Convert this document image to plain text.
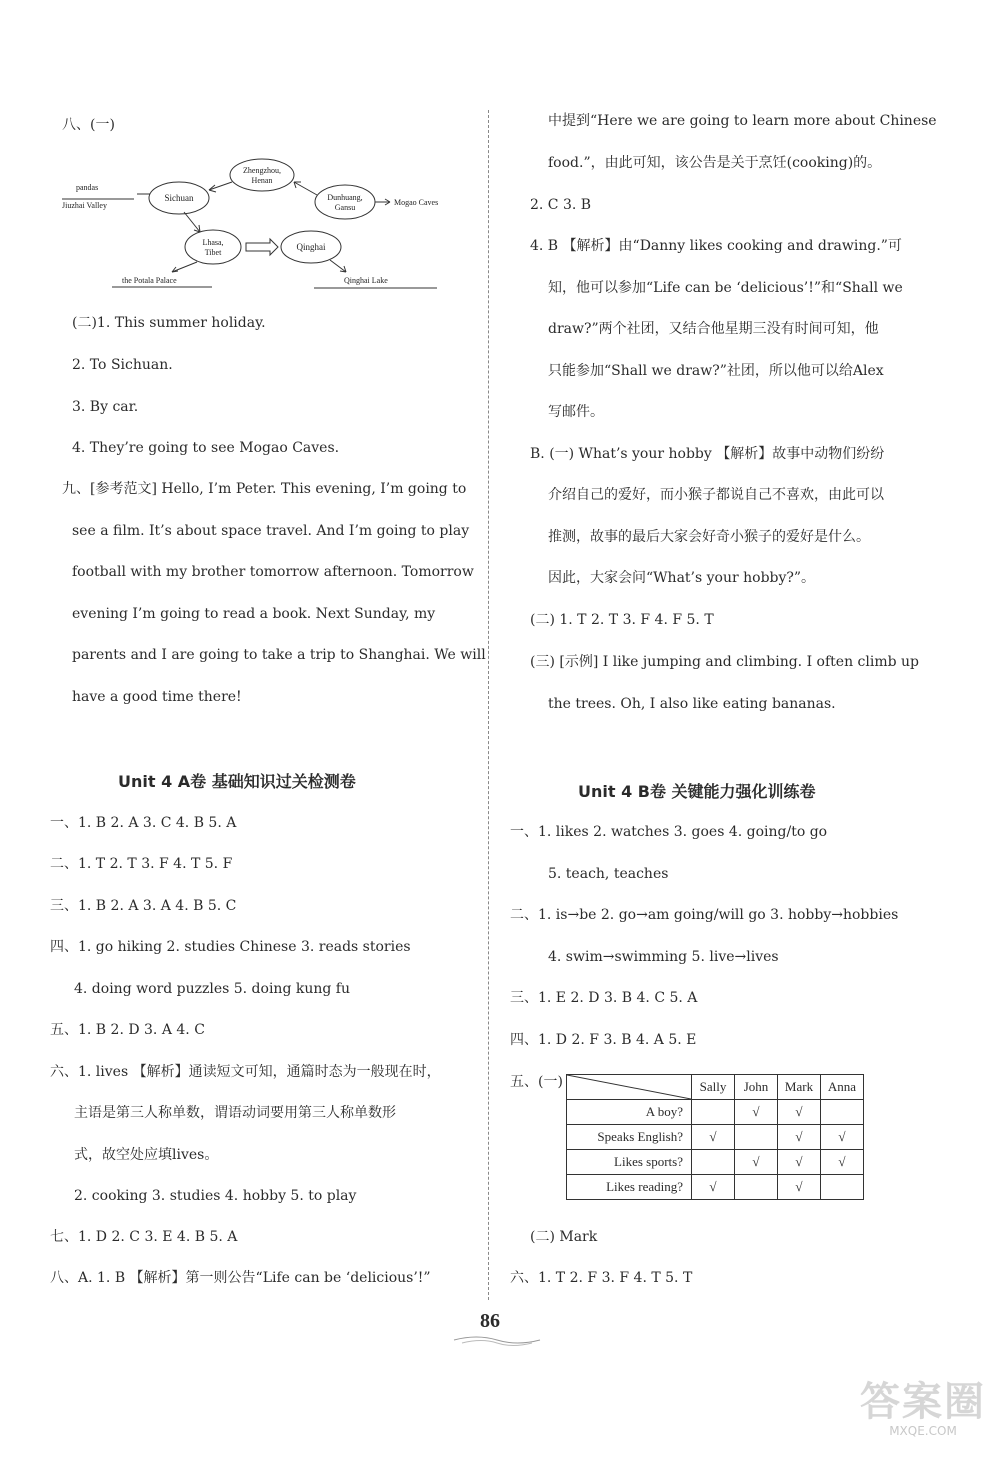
八、(一)
Zhengzhou,
Henan
Sichuan	Dunhuang,
Gansu
Lhasa,
Tibet
Qinghai
pandas
Jiuzhai Valley	Mogao Caves
the Potala Palace	Qinghai Lake
(二)1. This summer holiday.
2. To Sichuan.
3. By car.
4. They’re going to see Mogao Caves.
九、[参考范文] Hello, I’m Peter. This evening, I’m going to
see a film. It’s about space travel. And I’m going to play
football with my brother tomorrow afternoon. Tomorrow
evening I’m going to read a book. Next Sunday, my
parents and I are going to take a trip to Shanghai. We will
have a good time there!
Unit 4 A卷 基础知识过关检测卷
一、1. B 2. A 3. C 4. B 5. A
二、1. T 2. T 3. F 4. T 5. F
三、1. B 2. A 3. A 4. B 5. C
四、1. go hiking 2. studies Chinese 3. reads stories
4. doing word puzzles 5. doing kung fu
五、1. B 2. D 3. A 4. C
六、1. lives 【解析】通读短文可知，通篇时态为一般现在时，
主语是第三人称单数，谓语动词要用第三人称单数形
式，故空处应填lives。
2. cooking 3. studies 4. hobby 5. to play
七、1. D 2. C 3. E 4. B 5. A
八、A. 1. B 【解析】第一则公告“Life can be ‘delicious’!”
中提到“Here we are going to learn more about Chinese
food.”，由此可知，该公告是关于烹饪(cooking)的。
2. C 3. B
4. B 【解析】由“Danny likes cooking and drawing.”可
知，他可以参加“Life can be ‘delicious’!”和“Shall we
draw?”两个社团，又结合他星期三没有时间可知，他
只能参加“Shall we draw?”社团，所以他可以给Alex
写邮件。
B. (一) What’s your hobby 【解析】故事中动物们纷纷
介绍自己的爱好，而小猴子都说自己不喜欢，由此可以
推测，故事的最后大家会好奇小猴子的爱好是什么。
因此，大家会问“What’s your hobby?”。
(二) 1. T 2. T 3. F 4. F 5. T
(三) [示例] I like jumping and climbing. I often climb up
the trees. Oh, I also like eating bananas.
Unit 4 B卷 关键能力强化训练卷
一、1. likes 2. watches 3. goes 4. going/to go
5. teach, teaches
二、1. is→be 2. go→am going/will go 3. hobby→hobbies
4. swim→swimming 5. live→lives
三、1. E 2. D 3. B 4. C 5. A
四、1. D 2. F 3. B 4. A 5. E
五、(一)
		Sally	John	Mark	Anna
A boy?		√	√	
Speaks English?	√		√	√
Likes sports?		√	√	√
Likes reading?	√		√	
(二) Mark
六、1. T 2. F 3. F 4. T 5. T
86
答案圈
MXQE.COM
